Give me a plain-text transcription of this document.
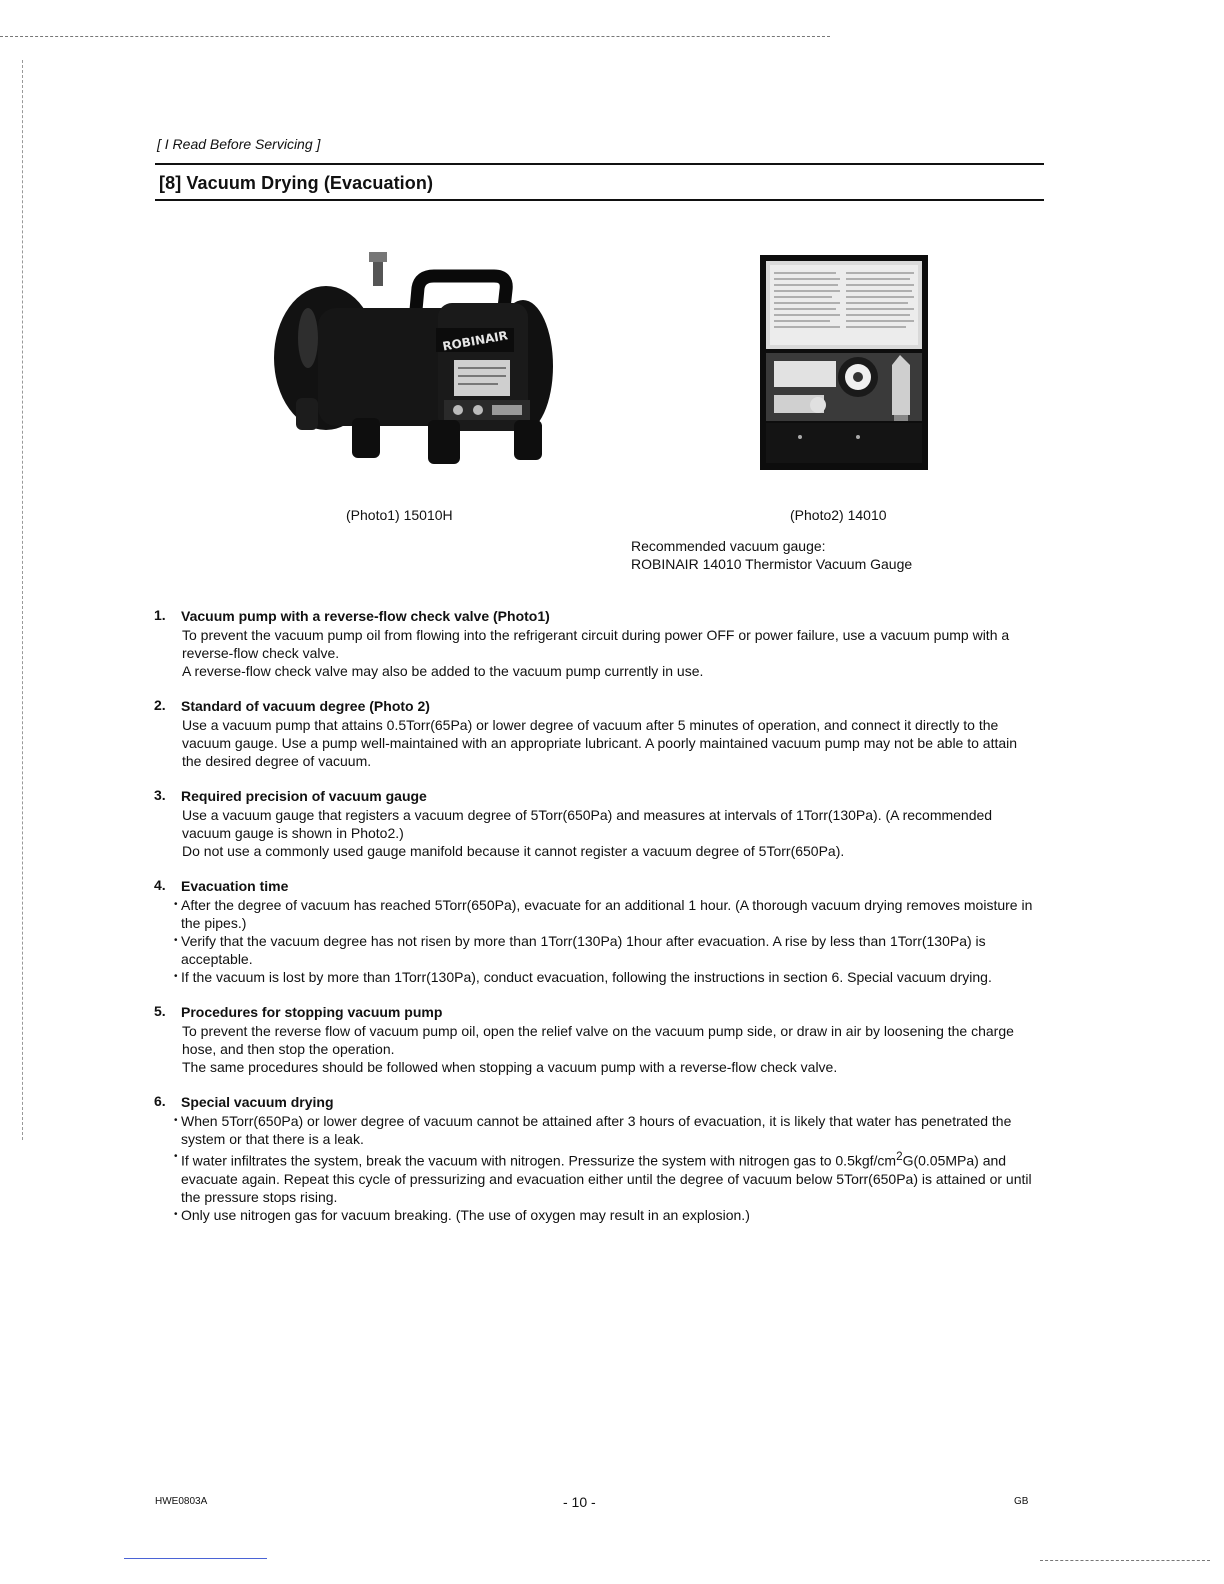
[ I Read Before Servicing ]
[8] Vacuum Drying (Evacuation)
ROBINAIR
(Photo1) 15010H	(Photo2) 14010
Recommended vacuum gauge:
ROBINAIR 14010 Thermistor Vacuum Gauge
1. Vacuum pump with a reverse-flow check valve (Photo1)

To prevent the vacuum pump oil from flowing into the refrigerant circuit during power OFF or power failure, use a vacuum pump with a reverse-flow check valve.

A reverse-flow check valve may also be added to the vacuum pump currently in use.

2. Standard of vacuum degree (Photo 2)

Use a vacuum pump that attains 0.5Torr(65Pa) or lower degree of vacuum after 5 minutes of operation, and connect it directly to the vacuum gauge. Use a pump well-maintained with an appropriate lubricant. A poorly maintained vacuum pump may not be able to attain the desired degree of vacuum.

3. Required precision of vacuum gauge

Use a vacuum gauge that registers a vacuum degree of 5Torr(650Pa) and measures at intervals of 1Torr(130Pa). (A recommended vacuum gauge is shown in Photo2.)

Do not use a commonly used gauge manifold because it cannot register a vacuum degree of 5Torr(650Pa).

4. Evacuation time
• After the degree of vacuum has reached 5Torr(650Pa), evacuate for an additional 1 hour. (A thorough vacuum drying removes moisture in the pipes.)
• Verify that the vacuum degree has not risen by more than 1Torr(130Pa) 1hour after evacuation. A rise by less than 1Torr(130Pa) is acceptable.
• If the vacuum is lost by more than 1Torr(130Pa), conduct evacuation, following the instructions in section 6. Special vacuum drying.
5. Procedures for stopping vacuum pump

To prevent the reverse flow of vacuum pump oil, open the relief valve on the vacuum pump side, or draw in air by loosening the charge hose, and then stop the operation.

The same procedures should be followed when stopping a vacuum pump with a reverse-flow check valve.

6. Special vacuum drying
• When 5Torr(650Pa) or lower degree of vacuum cannot be attained after 3 hours of evacuation, it is likely that water has penetrated the system or that there is a leak.
• If water infiltrates the system, break the vacuum with nitrogen. Pressurize the system with nitrogen gas to $0.5kgf/cm^2G(0.05MPa)$ and evacuate again. Repeat this cycle of pressurizing and evacuation either until the degree of vacuum below 5Torr(650Pa) is attained or until the pressure stops rising.
• Only use nitrogen gas for vacuum breaking. (The use of oxygen may result in an explosion.)
HWE0803A	- 10 -	GB
